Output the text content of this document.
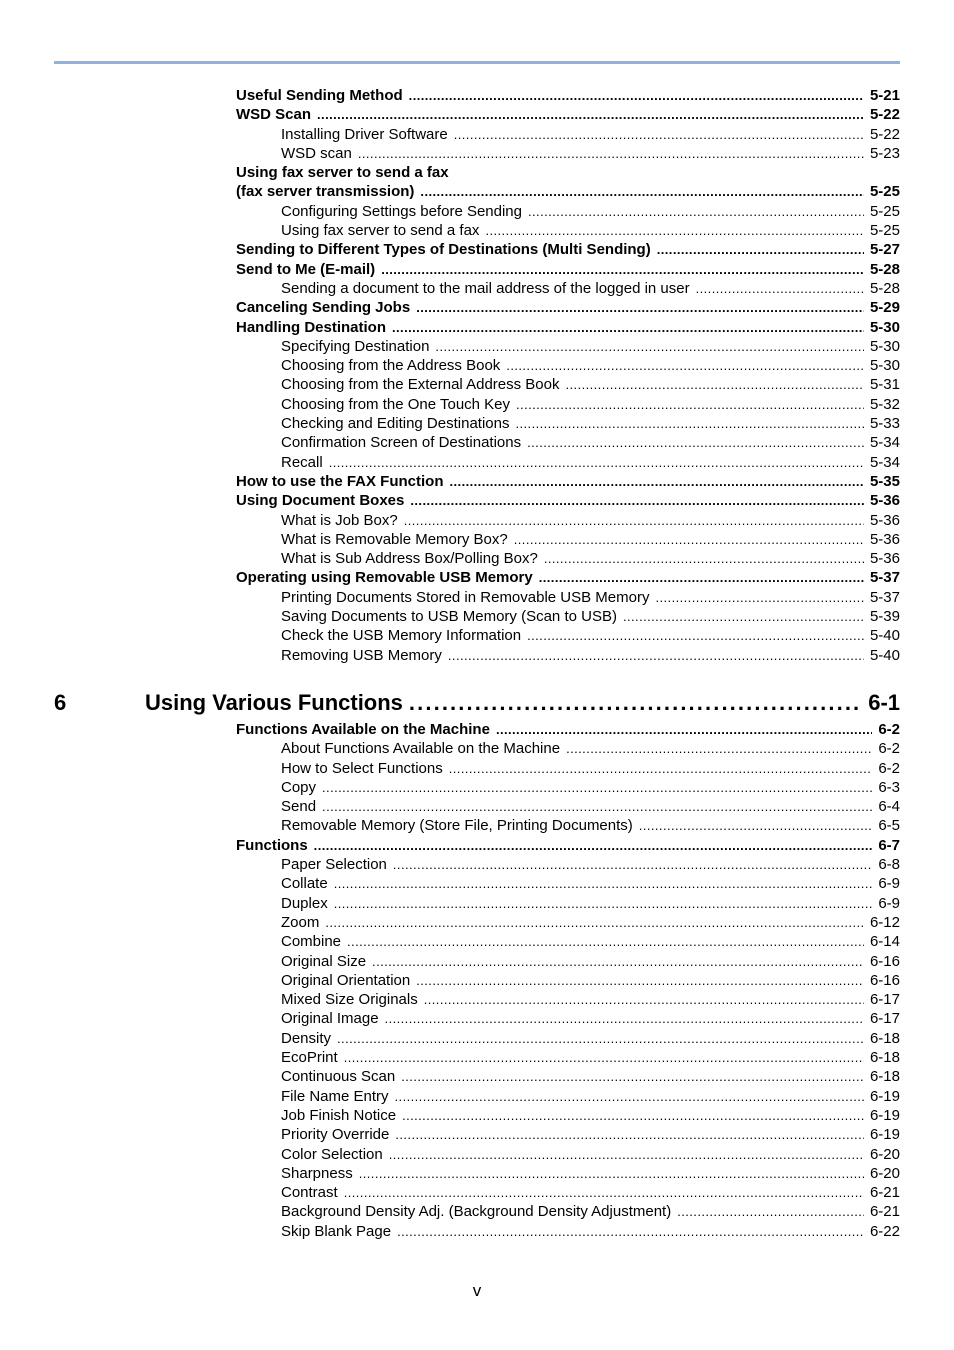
Useful Sending Method . . .	5-21
WSD Scan . . .	5-22
Installing Driver Software . . .	5-22
WSD scan . . .	5-23
Using fax server to send a fax
(fax server transmission) . . .	5-25
Configuring Settings before Sending . . .	5-25
Using fax server to send a fax . . .	5-25
Sending to Different Types of Destinations (Multi Sending) . . .	5-27
Send to Me (E-mail) . . .	5-28
Sending a document to the mail address of the logged in user . . .	5-28
Canceling Sending Jobs . . .	5-29
Handling Destination . . .	5-30
Specifying Destination . . .	5-30
Choosing from the Address Book . . .	5-30
Choosing from the External Address Book . . .	5-31
Choosing from the One Touch Key . . .	5-32
Checking and Editing Destinations . . .	5-33
Confirmation Screen of Destinations . . .	5-34
Recall . . .	5-34
How to use the FAX Function . . .	5-35
Using Document Boxes . . .	5-36
What is Job Box? . . .	5-36
What is Removable Memory Box? . . .	5-36
What is Sub Address Box/Polling Box? . . .	5-36
Operating using Removable USB Memory . . .	5-37
Printing Documents Stored in Removable USB Memory . . .	5-37
Saving Documents to USB Memory (Scan to USB) . . .	5-39
Check the USB Memory Information . . .	5-40
Removing USB Memory . . .	5-40
6	Using Various Functions . . .	6-1
Functions Available on the Machine . . .	6-2
About Functions Available on the Machine . . .	6-2
How to Select Functions . . .	6-2
Copy . . .	6-3
Send . . .	6-4
Removable Memory (Store File, Printing Documents) . . .	6-5
Functions . . .	6-7
Paper Selection . . .	6-8
Collate . . .	6-9
Duplex . . .	6-9
Zoom . . .	6-12
Combine . . .	6-14
Original Size . . .	6-16
Original Orientation . . .	6-16
Mixed Size Originals . . .	6-17
Original Image . . .	6-17
Density . . .	6-18
EcoPrint . . .	6-18
Continuous Scan . . .	6-18
File Name Entry . . .	6-19
Job Finish Notice . . .	6-19
Priority Override . . .	6-19
Color Selection . . .	6-20
Sharpness . . .	6-20
Contrast . . .	6-21
Background Density Adj. (Background Density Adjustment) . . .	6-21
Skip Blank Page . . .	6-22
v
